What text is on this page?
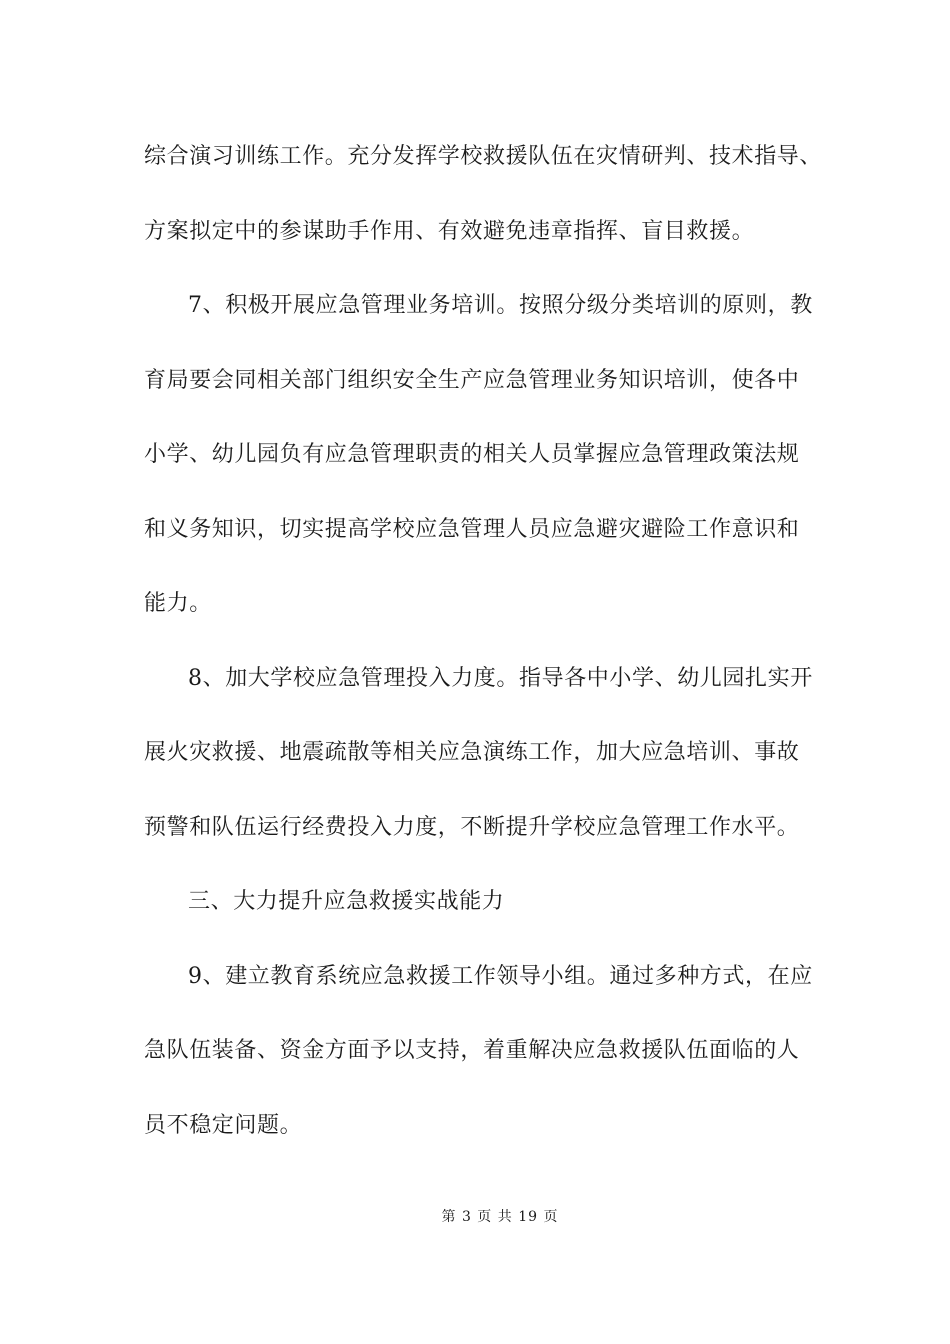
综合演习训练工作。充分发挥学校救援队伍在灾情研判、技术指导、
方案拟定中的参谋助手作用、有效避免违章指挥、盲目救援。
7、积极开展应急管理业务培训。按照分级分类培训的原则，教
育局要会同相关部门组织安全生产应急管理业务知识培训，使各中
小学、幼儿园负有应急管理职责的相关人员掌握应急管理政策法规
和义务知识，切实提高学校应急管理人员应急避灾避险工作意识和
能力。
8、加大学校应急管理投入力度。指导各中小学、幼儿园扎实开
展火灾救援、地震疏散等相关应急演练工作，加大应急培训、事故
预警和队伍运行经费投入力度，不断提升学校应急管理工作水平。
三、大力提升应急救援实战能力
9、建立教育系统应急救援工作领导小组。通过多种方式，在应
急队伍装备、资金方面予以支持，着重解决应急救援队伍面临的人
员不稳定问题。
第 3 页 共 19 页
